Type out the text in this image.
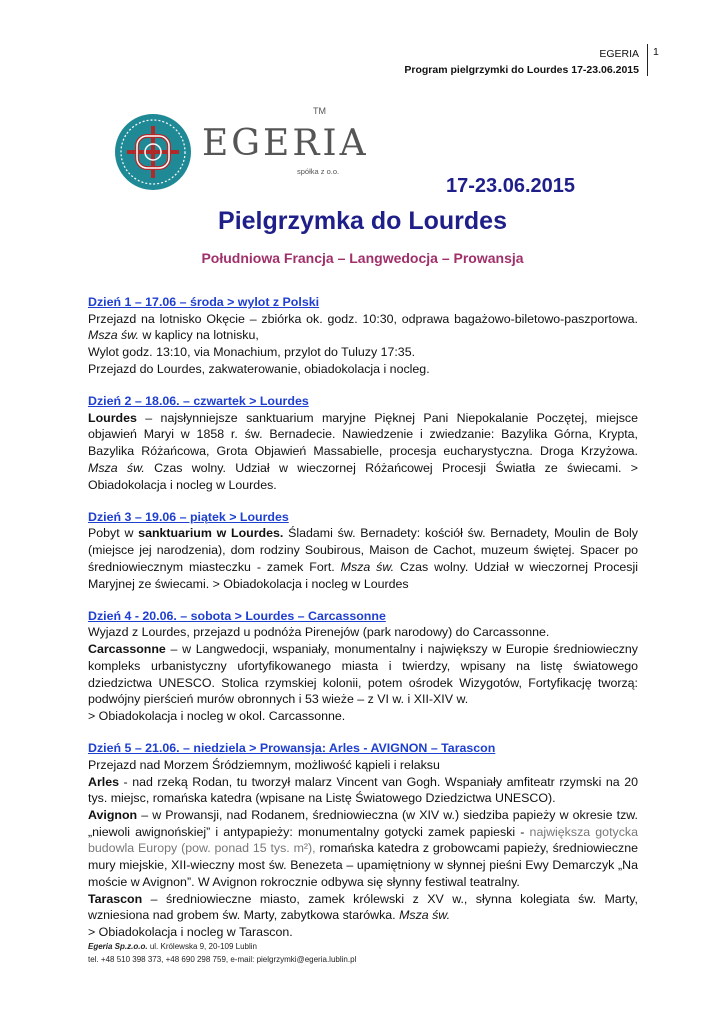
EGERIA
Program pielgrzymki do Lourdes 17-23.06.2015
1
EGERIA
TM
spółka z o.o.
17-23.06.2015
Pielgrzymka do Lourdes
Południowa Francja – Langwedocja – Prowansja
Dzień 1 – 17.06 – środa > wylot z Polski
Przejazd na lotnisko Okęcie – zbiórka ok. godz. 10:30, odprawa bagażowo-biletowo-paszportowa. Msza św. w kaplicy na lotnisku,
Wylot godz. 13:10, via Monachium, przylot do Tuluzy 17:35.
Przejazd do Lourdes, zakwaterowanie, obiadokolacja i nocleg.
Dzień 2 – 18.06. – czwartek > Lourdes
Lourdes – najsłynniejsze sanktuarium maryjne Pięknej Pani Niepokalanie Poczętej, miejsce objawień Maryi w 1858 r. św. Bernadecie. Nawiedzenie i zwiedzanie: Bazylika Górna, Krypta, Bazylika Różańcowa, Grota Objawień Massabielle, procesja eucharystyczna. Droga Krzyżowa. Msza św. Czas wolny. Udział w wieczornej Różańcowej Procesji Światła ze świecami. > Obiadokolacja i nocleg w Lourdes.
Dzień 3 – 19.06 – piątek > Lourdes
Pobyt w sanktuarium w Lourdes. Śladami św. Bernadety: kościół św. Bernadety, Moulin de Boly (miejsce jej narodzenia), dom rodziny Soubirous, Maison de Cachot, muzeum świętej. Spacer po średniowiecznym miasteczku - zamek Fort. Msza św. Czas wolny. Udział w wieczornej Procesji Maryjnej ze świecami. > Obiadokolacja i nocleg w Lourdes
Dzień 4 - 20.06. – sobota > Lourdes – Carcassonne
Wyjazd z Lourdes, przejazd u podnóża Pirenejów (park narodowy) do Carcassonne.
Carcassonne – w Langwedocji, wspaniały, monumentalny i największy w Europie średniowieczny kompleks urbanistyczny ufortyfikowanego miasta i twierdzy, wpisany na listę światowego dziedzictwa UNESCO. Stolica rzymskiej kolonii, potem ośrodek Wizygotów, Fortyfikację tworzą: podwójny pierścień murów obronnych i 53 wieże – z VI w. i XII-XIV w.
> Obiadokolacja i nocleg w okol. Carcassonne.
Dzień 5 – 21.06. – niedziela > Prowansja: Arles - AVIGNON – Tarascon
Przejazd nad Morzem Śródziemnym, możliwość kąpieli i relaksu
Arles - nad rzeką Rodan, tu tworzył malarz Vincent van Gogh. Wspaniały amfiteatr rzymski na 20 tys. miejsc, romańska katedra (wpisane na Listę Światowego Dziedzictwa UNESCO).
Avignon – w Prowansji, nad Rodanem, średniowieczna (w XIV w.) siedziba papieży w okresie tzw. „niewoli awignońskiej” i antypapieży: monumentalny gotycki zamek papieski - największa gotycka budowla Europy (pow. ponad 15 tys. m²), romańska katedra z grobowcami papieży, średniowieczne mury miejskie, XII-wieczny most św. Benezeta – upamiętniony w słynnej pieśni Ewy Demarczyk „Na moście w Avignon”. W Avignon rokrocznie odbywa się słynny festiwal teatralny.
Tarascon – średniowieczne miasto, zamek królewski z XV w., słynna kolegiata św. Marty, wzniesiona nad grobem św. Marty, zabytkowa starówka. Msza św.
> Obiadokolacja i nocleg w Tarascon.
Egeria Sp.z.o.o. ul. Królewska 9, 20-109 Lublin
tel. +48 510 398 373, +48 690 298 759, e-mail: pielgrzymki@egeria.lublin.pl
